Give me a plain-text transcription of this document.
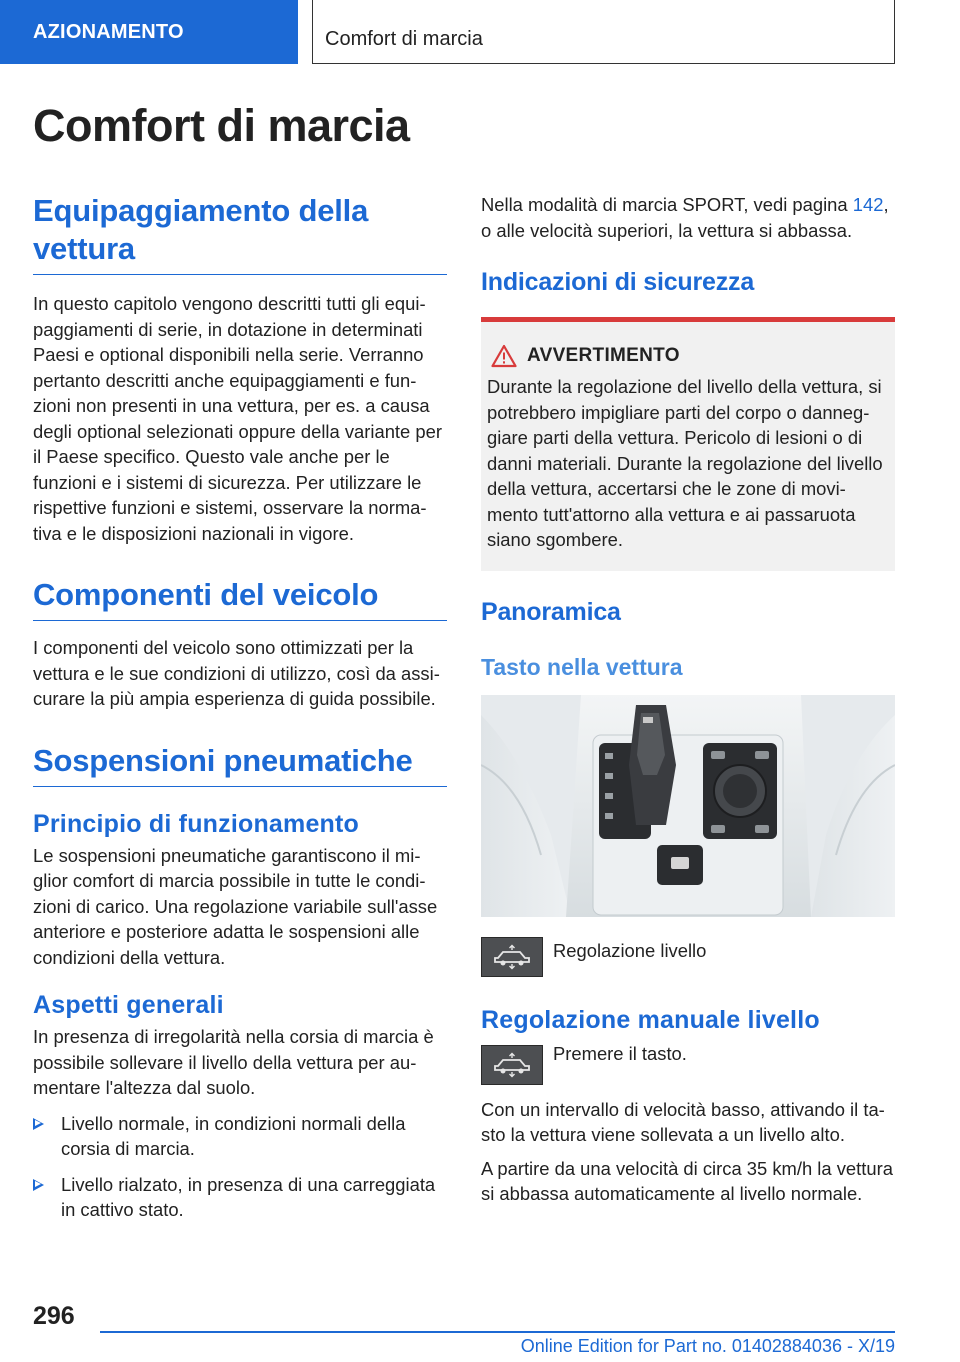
AZIONAMENTO	Comfort di marcia
Comfort di marcia
Equipaggiamento della vettura

In questo capitolo vengono descritti tutti gli equipaggiamenti di serie, in dotazione in determinati Paesi e optional disponibili nella serie. Verranno pertanto descritti anche equipaggiamenti e funzioni non presenti in una vettura, per es. a causa degli optional selezionati oppure della variante per il Paese specifico. Questo vale anche per le funzioni e i sistemi di sicurezza. Per utilizzare le rispettive funzioni e sistemi, osservare la normativa e le disposizioni nazionali in vigore.

Componenti del veicolo

I componenti del veicolo sono ottimizzati per la vettura e le sue condizioni di utilizzo, così da assicurare la più ampia esperienza di guida possibile.

Sospensioni pneumatiche
Principio di funzionamento

Le sospensioni pneumatiche garantiscono il miglior comfort di marcia possibile in tutte le condizioni di carico. Una regolazione variabile sull'asse anteriore e posteriore adatta le sospensioni alle condizioni della vettura.

Aspetti generali

In presenza di irregolarità nella corsia di marcia è possibile sollevare il livello della vettura per aumentare l'altezza dal suolo.

Livello normale, in condizioni normali della corsia di marcia.
Livello rialzato, in presenza di una carreggiata in cattivo stato.

Nella modalità di marcia SPORT, vedi pagina 142, o alle velocità superiori, la vettura si abbassa.

Indicazioni di sicurezza
AVVERTIMENTO

Durante la regolazione del livello della vettura, si potrebbero impigliare parti del corpo o danneggiare parti della vettura. Pericolo di lesioni o di danni materiali. Durante la regolazione del livello della vettura, accertarsi che le zone di movimento tutt'attorno alla vettura e ai passaruota siano sgombere.

Panoramica
Tasto nella vettura

Regolazione livello

Regolazione manuale livello

Premere il tasto.

Con un intervallo di velocità basso, attivando il tasto la vettura viene sollevata a un livello alto.

A partire da una velocità di circa 35 km/h la vettura si abbassa automaticamente al livello normale.

296
Online Edition for Part no. 01402884036 - X/19
